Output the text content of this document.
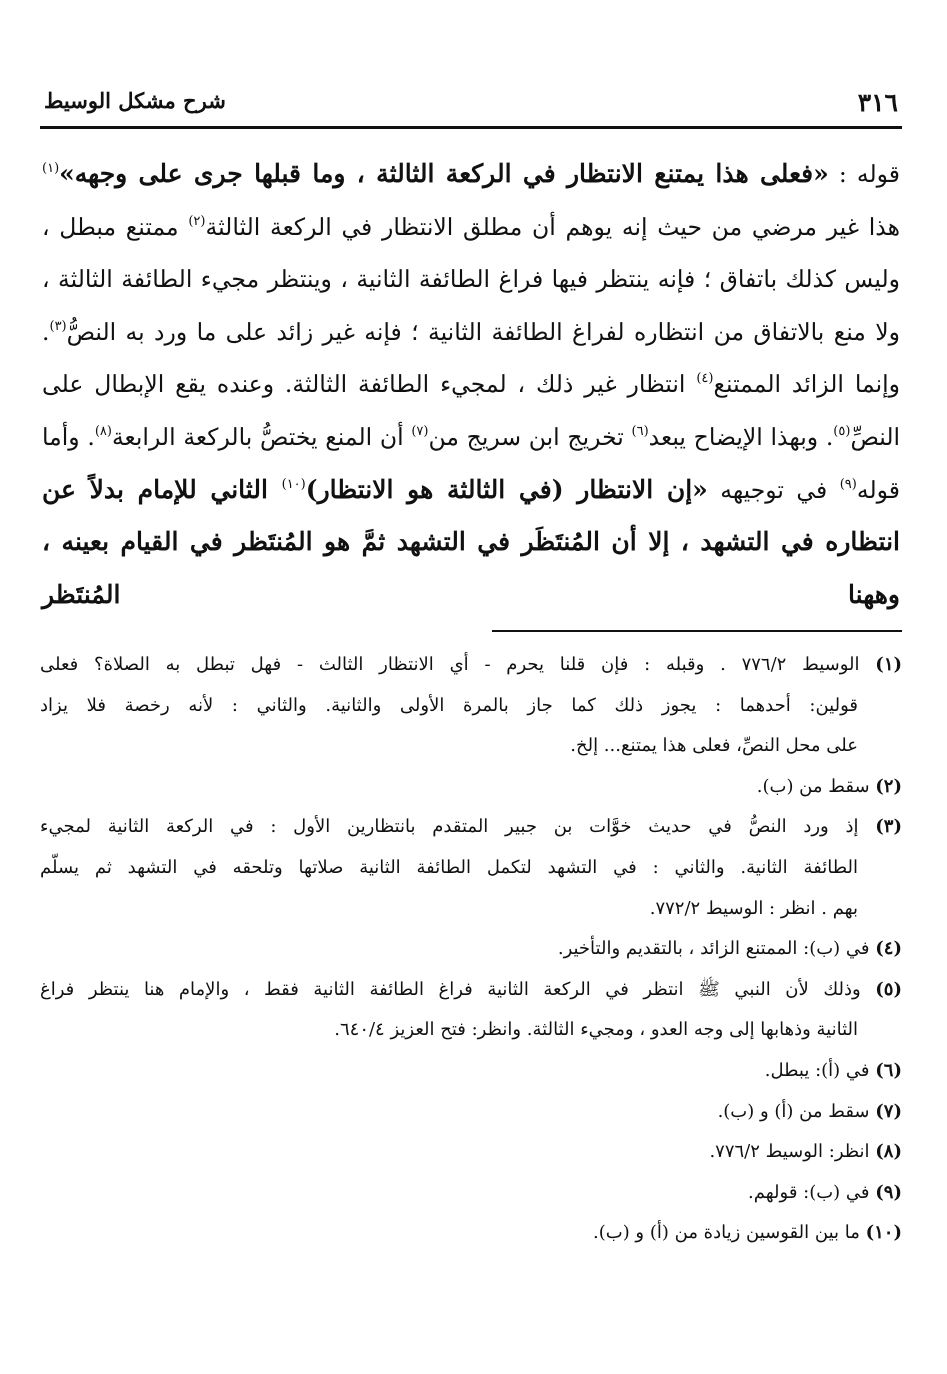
٣١٦
شرح مشكل الوسيط

قوله : «فعلى هذا يمتنع الانتظار في الركعة الثالثة ، وما قبلها جرى على وجهه»$^{(١)}$ هذا غير مرضي من حيث إنه يوهم أن مطلق الانتظار في الركعة الثالثة$^{(٢)}$ ممتنع مبطل ، وليس كذلك باتفاق ؛ فإنه ينتظر فيها فراغ الطائفة الثانية ، وينتظر مجيء الطائفة الثالثة ، ولا منع بالاتفاق من انتظاره لفراغ الطائفة الثانية ؛ فإنه غير زائد على ما ورد به النصُّ$^{(٣)}$. وإنما الزائد الممتنع$^{(٤)}$ انتظار غير ذلك ، لمجيء الطائفة الثالثة. وعنده يقع الإبطال على النصِّ$^{(٥)}$. وبهذا الإيضاح يبعد$^{(٦)}$ تخريج ابن سريج من$^{(٧)}$ أن المنع يختصُّ بالركعة الرابعة$^{(٨)}$. وأما قوله$^{(٩)}$ في توجيهه «إن الانتظار (في الثالثة هو الانتظار)$^{(١٠)}$ الثاني للإمام بدلاً عن انتظاره في التشهد ، إلا أن المُنتَظَر في التشهد ثمَّ هو المُنتَظر في القيام بعينه ، وههنا المُنتَظر

(١) الوسيط ٧٧٦/٢ . وقبله : فإن قلنا يحرم - أي الانتظار الثالث - فهل تبطل به الصلاة؟ فعلى
قولين: أحدهما : يجوز ذلك كما جاز بالمرة الأولى والثانية. والثاني : لأنه رخصة فلا يزاد
على محل النصِّ، فعلى هذا يمتنع... إلخ.

(٢) سقط من (ب).

(٣) إذ ورد النصُّ في حديث خوَّات بن جبير المتقدم بانتظارين الأول : في الركعة الثانية لمجيء
الطائفة الثانية. والثاني : في التشهد لتكمل الطائفة الثانية صلاتها وتلحقه في التشهد ثم يسلّم
بهم . انظر : الوسيط ٧٧٢/٢.

(٤) في (ب): الممتنع الزائد ، بالتقديم والتأخير.

(٥) وذلك لأن النبي ﷺ انتظر في الركعة الثانية فراغ الطائفة الثانية فقط ، والإمام هنا ينتظر فراغ
الثانية وذهابها إلى وجه العدو ، ومجيء الثالثة. وانظر: فتح العزيز ٦٤٠/٤.

(٦) في (أ): يبطل.

(٧) سقط من (أ) و (ب).

(٨) انظر: الوسيط ٧٧٦/٢.

(٩) في (ب): قولهم.

(١٠) ما بين القوسين زيادة من (أ) و (ب).
